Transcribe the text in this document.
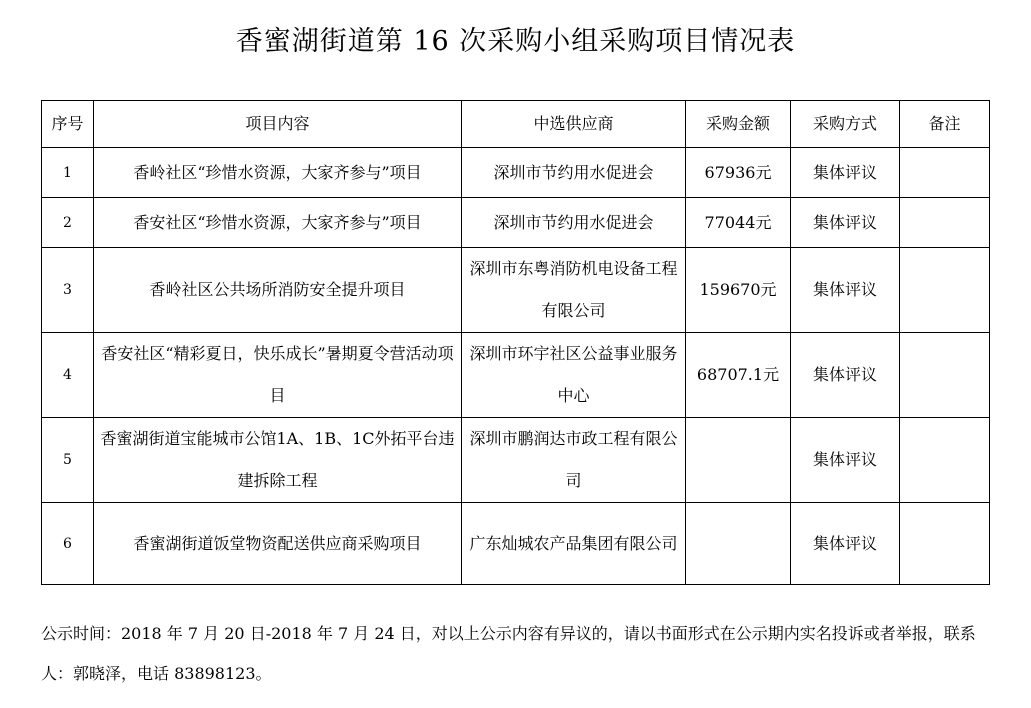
香蜜湖街道第 16 次采购小组采购项目情况表
序号	项目内容	中选供应商	采购金额	采购方式	备注
1	香岭社区“珍惜水资源，大家齐参与”项目	深圳市节约用水促进会	67936元	集体评议	
2	香安社区“珍惜水资源，大家齐参与”项目	深圳市节约用水促进会	77044元	集体评议	
3	香岭社区公共场所消防安全提升项目	深圳市东粤消防机电设备工程有限公司	159670元	集体评议	
4	香安社区“精彩夏日，快乐成长”暑期夏令营活动项目	深圳市环宇社区公益事业服务中心	68707.1元	集体评议	
5	香蜜湖街道宝能城市公馆1A、1B、1C外拓平台违建拆除工程	深圳市鹏润达市政工程有限公司		集体评议	
6	香蜜湖街道饭堂物资配送供应商采购项目	广东灿城农产品集团有限公司		集体评议	

公示时间：2018 年 7 月 20 日-2018 年 7 月 24 日，对以上公示内容有异议的，请以书面形式在公示期内实名投诉或者举报，联系人：郭晓泽，电话 83898123。
